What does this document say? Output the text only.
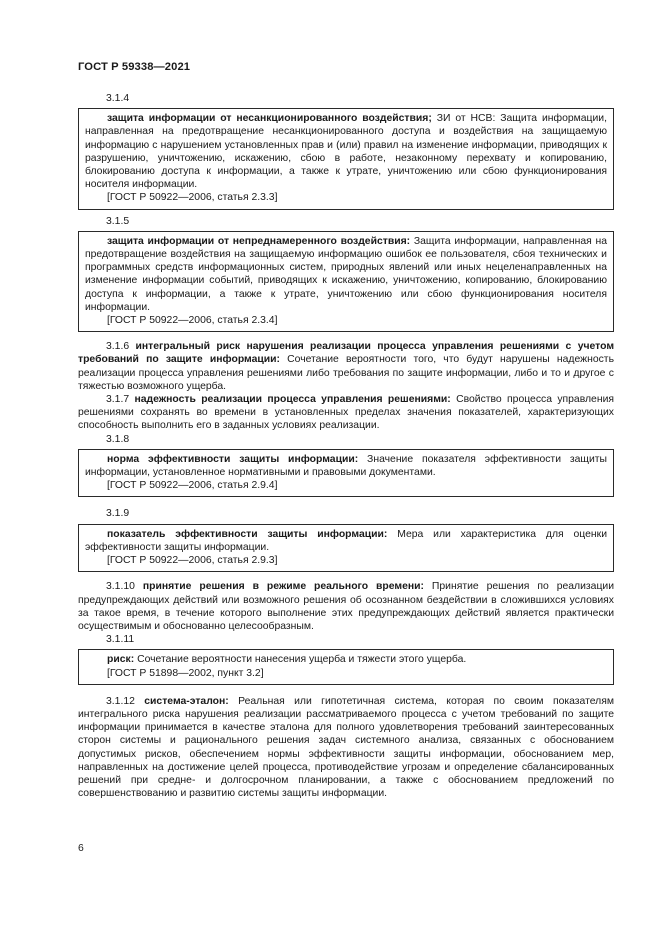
ГОСТ Р 59338—2021

3.1.4

защита информации от несанкционированного воздействия; ЗИ от НСВ: Защита информации, направленная на предотвращение несанкционированного доступа и воздействия на защищаемую информацию с нарушением установленных прав и (или) правил на изменение информации, приводящих к разрушению, уничтожению, искажению, сбою в работе, незаконному перехвату и копированию, блокированию доступа к информации, а также к утрате, уничтожению или сбою функционирования носителя информации.

[ГОСТ Р 50922—2006, статья 2.3.3]

3.1.5

защита информации от непреднамеренного воздействия: Защита информации, направленная на предотвращение воздействия на защищаемую информацию ошибок ее пользователя, сбоя технических и программных средств информационных систем, природных явлений или иных нецеленаправленных на изменение информации событий, приводящих к искажению, уничтожению, копированию, блокированию доступа к информации, а также к утрате, уничтожению или сбою функционирования носителя информации.

[ГОСТ Р 50922—2006, статья 2.3.4]

3.1.6 интегральный риск нарушения реализации процесса управления решениями с учетом требований по защите информации: Сочетание вероятности того, что будут нарушены надежность реализации процесса управления решениями либо требования по защите информации, либо и то и другое с тяжестью возможного ущерба.

3.1.7 надежность реализации процесса управления решениями: Свойство процесса управления решениями сохранять во времени в установленных пределах значения показателей, характеризующих способность выполнить его в заданных условиях реализации.

3.1.8

норма эффективности защиты информации: Значение показателя эффективности защиты информации, установленное нормативными и правовыми документами.

[ГОСТ Р 50922—2006, статья 2.9.4]

3.1.9

показатель эффективности защиты информации: Мера или характеристика для оценки эффективности защиты информации.

[ГОСТ Р 50922—2006, статья 2.9.3]

3.1.10 принятие решения в режиме реального времени: Принятие решения по реализации предупреждающих действий или возможного решения об осознанном бездействии в сложившихся условиях за такое время, в течение которого выполнение этих предупреждающих действий является практически осуществимым и обоснованно целесообразным.

3.1.11

риск: Сочетание вероятности нанесения ущерба и тяжести этого ущерба.

[ГОСТ Р 51898—2002, пункт 3.2]

3.1.12 система-эталон: Реальная или гипотетичная система, которая по своим показателям интегрального риска нарушения реализации рассматриваемого процесса с учетом требований по защите информации принимается в качестве эталона для полного удовлетворения требований заинтересованных сторон системы и рационального решения задач системного анализа, связанных с обоснованием допустимых рисков, обеспечением нормы эффективности защиты информации, обоснованием мер, направленных на достижение целей процесса, противодействие угрозам и определение сбалансированных решений при средне- и долгосрочном планировании, а также с обоснованием предложений по совершенствованию и развитию системы защиты информации.

6
